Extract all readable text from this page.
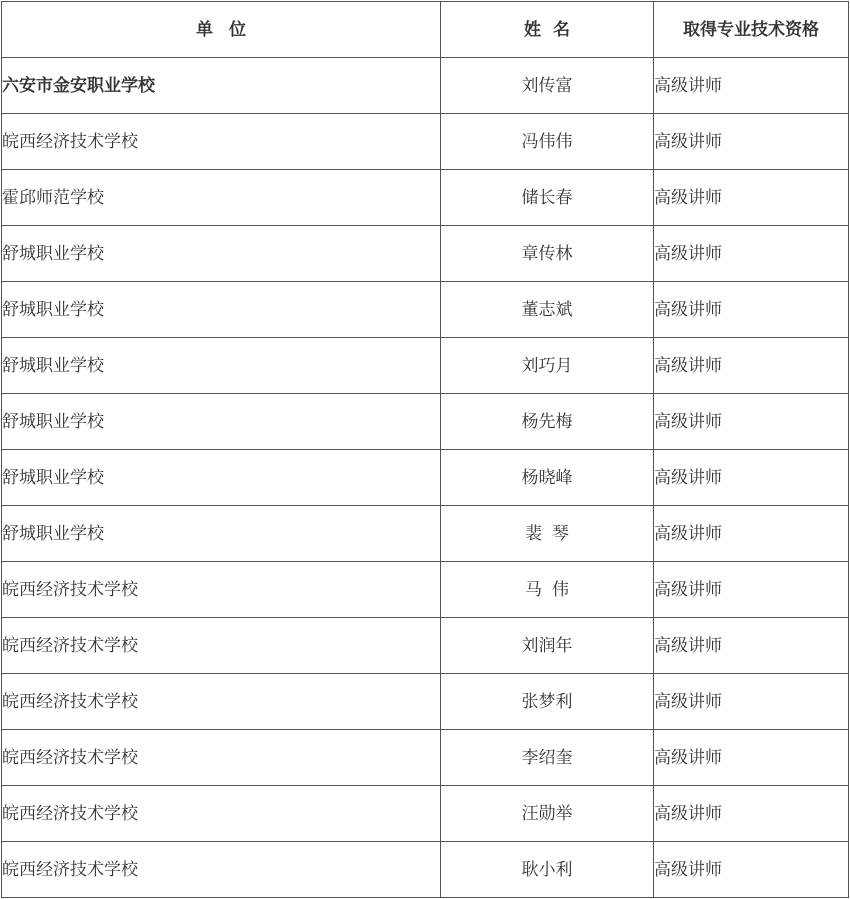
单位	姓名	取得专业技术资格
六安市金安职业学校	刘传富	高级讲师
皖西经济技术学校	冯伟伟	高级讲师
霍邱师范学校	储长春	高级讲师
舒城职业学校	章传林	高级讲师
舒城职业学校	董志斌	高级讲师
舒城职业学校	刘巧月	高级讲师
舒城职业学校	杨先梅	高级讲师
舒城职业学校	杨晓峰	高级讲师
舒城职业学校	裴琴	高级讲师
皖西经济技术学校	马伟	高级讲师
皖西经济技术学校	刘润年	高级讲师
皖西经济技术学校	张梦利	高级讲师
皖西经济技术学校	李绍奎	高级讲师
皖西经济技术学校	汪勋举	高级讲师
皖西经济技术学校	耿小利	高级讲师
